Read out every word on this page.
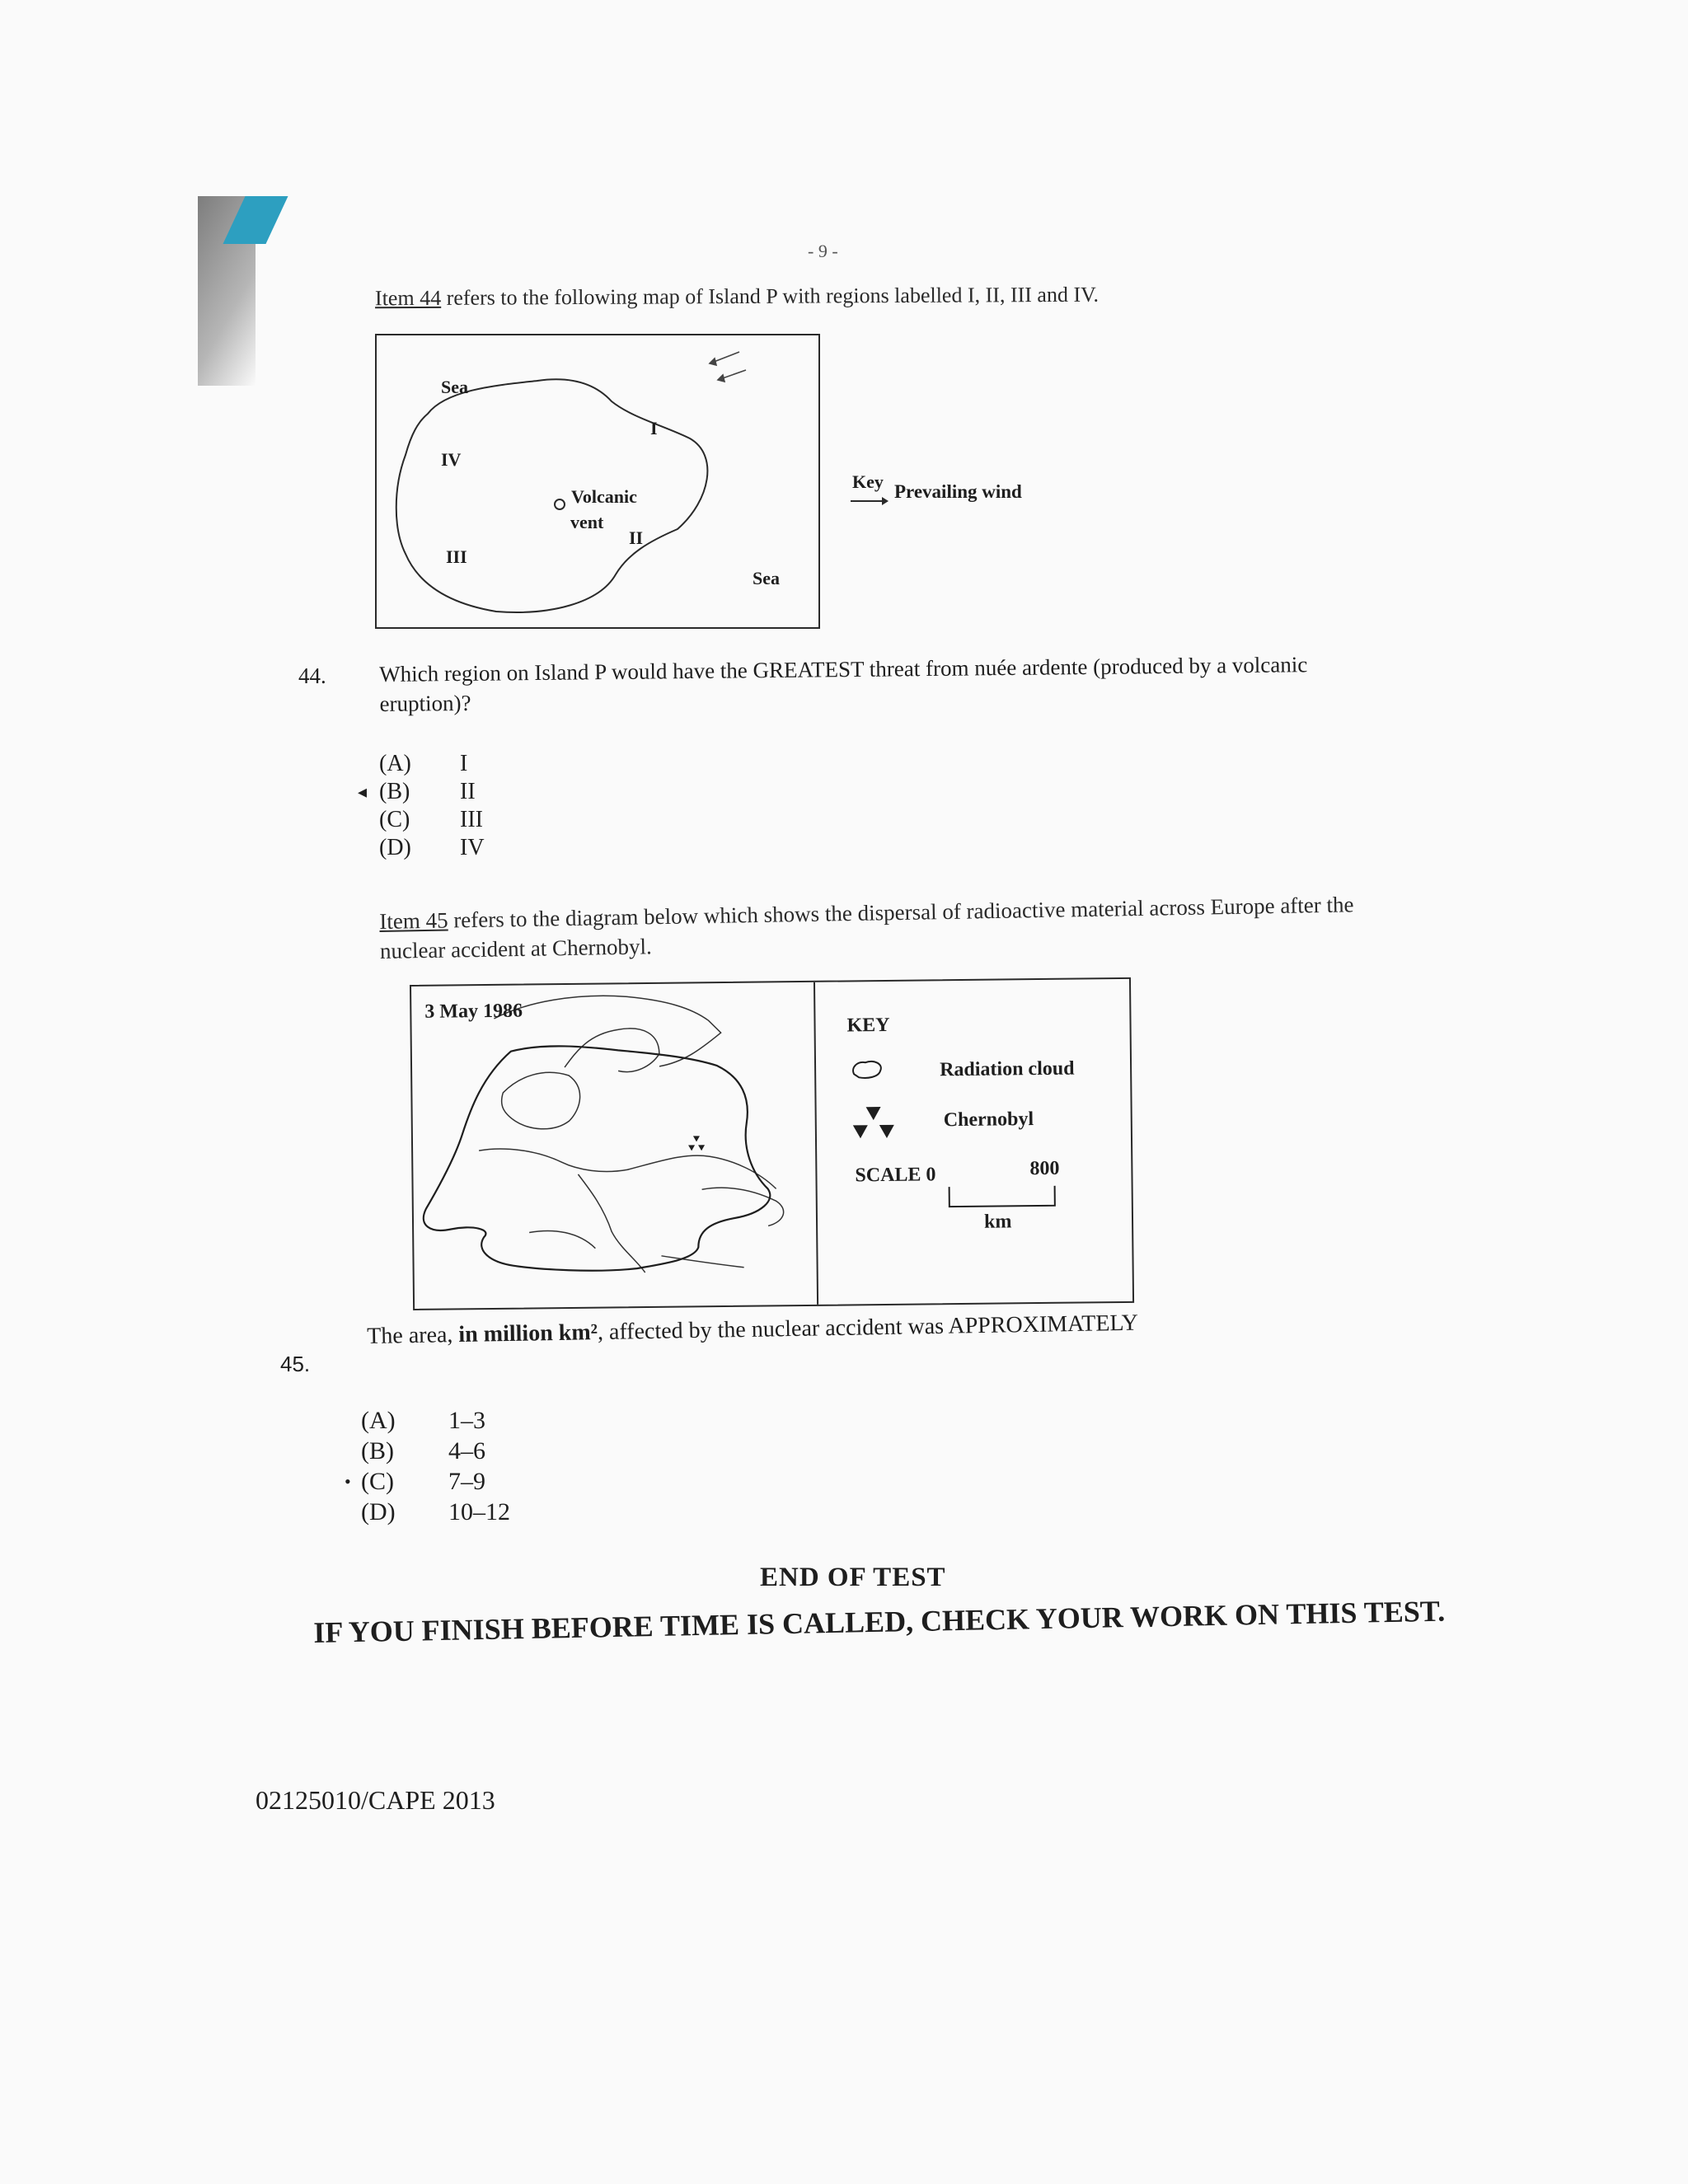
- 9 -
Item 44 refers to the following map of Island P with regions labelled I, II, III and IV.
Sea
I
IV
Volcanic
vent
II
III
Sea
Key Prevailing wind
44. Which region on Island P would have the GREATEST threat from nuée ardente (produced by a volcanic eruption)?
(A)	I
◂ (B)	II
(C)	III
(D)	IV
Item 45 refers to the diagram below which shows the dispersal of radioactive material across Europe after the nuclear accident at Chernobyl.
3 May 1986
KEY
Radiation cloud
Chernobyl
SCALE 0	800
km
45.
The area, in million km², affected by the nuclear accident was APPROXIMATELY
(A)	1–3
(B)	4–6
• (C)	7–9
(D)	10–12
END OF TEST
IF YOU FINISH BEFORE TIME IS CALLED, CHECK YOUR WORK ON THIS TEST.
02125010/CAPE 2013
